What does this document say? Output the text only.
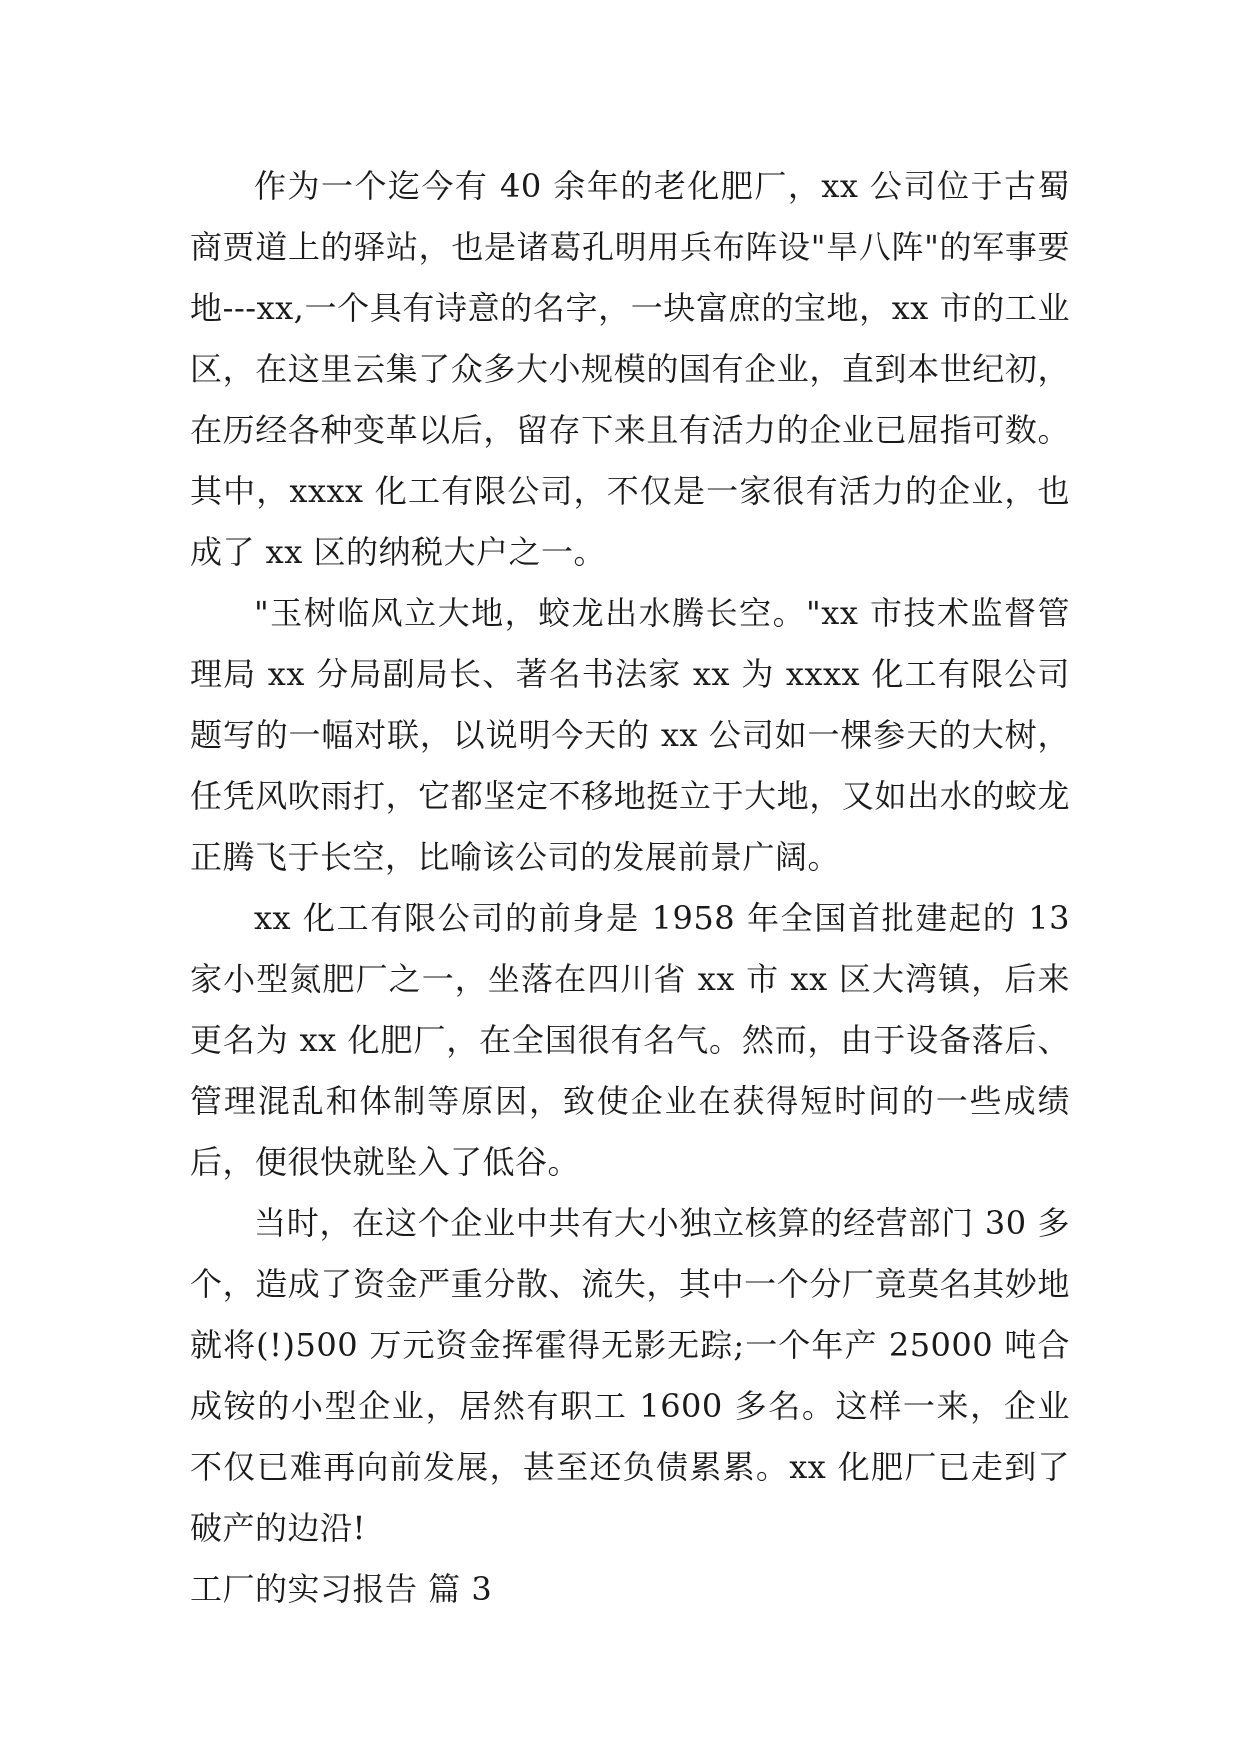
作为一个迄今有 40 余年的老化肥厂，xx 公司位于古蜀商贾道上的驿站，也是诸葛孔明用兵布阵设"旱八阵"的军事要地---xx,一个具有诗意的名字，一块富庶的宝地，xx 市的工业区，在这里云集了众多大小规模的国有企业，直到本世纪初，在历经各种变革以后，留存下来且有活力的企业已屈指可数。其中，xxxx 化工有限公司，不仅是一家很有活力的企业，也成了 xx 区的纳税大户之一。

"玉树临风立大地，蛟龙出水腾长空。"xx 市技术监督管理局 xx 分局副局长、著名书法家 xx 为 xxxx 化工有限公司题写的一幅对联，以说明今天的 xx 公司如一棵参天的大树，任凭风吹雨打，它都坚定不移地挺立于大地，又如出水的蛟龙正腾飞于长空，比喻该公司的发展前景广阔。

xx 化工有限公司的前身是 1958 年全国首批建起的 13 家小型氮肥厂之一，坐落在四川省 xx 市 xx 区大湾镇，后来更名为 xx 化肥厂，在全国很有名气。然而，由于设备落后、管理混乱和体制等原因，致使企业在获得短时间的一些成绩后，便很快就坠入了低谷。

当时，在这个企业中共有大小独立核算的经营部门 30 多个，造成了资金严重分散、流失，其中一个分厂竟莫名其妙地就将(!)500 万元资金挥霍得无影无踪;一个年产 25000 吨合成铵的小型企业，居然有职工 1600 多名。这样一来，企业不仅已难再向前发展，甚至还负债累累。xx 化肥厂已走到了破产的边沿!

工厂的实习报告 篇 3
